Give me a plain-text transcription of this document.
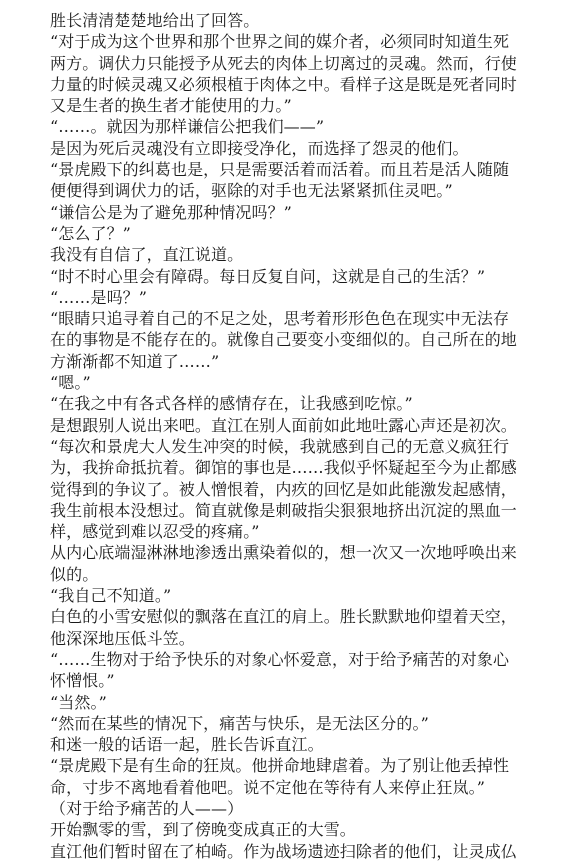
胜长清清楚楚地给出了回答。
“对于成为这个世界和那个世界之间的媒介者，必须同时知道生死
两方。调伏力只能授予从死去的肉体上切离过的灵魂。然而，行使
力量的时候灵魂又必须根植于肉体之中。看样子这是既是死者同时
又是生者的换生者才能使用的力。”
“……。就因为那样谦信公把我们——”
是因为死后灵魂没有立即接受净化，而选择了怨灵的他们。
“景虎殿下的纠葛也是，只是需要活着而活着。而且若是活人随随
便便得到调伏力的话，驱除的对手也无法紧紧抓住灵吧。”
“谦信公是为了避免那种情况吗？”
“怎么了？”
我没有自信了，直江说道。
“时不时心里会有障碍。每日反复自问，这就是自己的生活？”
“……是吗？”
“眼睛只追寻着自己的不足之处，思考着形形色色在现实中无法存
在的事物是不能存在的。就像自己要变小变细似的。自己所在的地
方渐渐都不知道了……”
“嗯。”
“在我之中有各式各样的感情存在，让我感到吃惊。”
是想跟别人说出来吧。直江在别人面前如此地吐露心声还是初次。
“每次和景虎大人发生冲突的时候，我就感到自己的无意义疯狂行
为，我拚命抵抗着。御馆的事也是……我似乎怀疑起至今为止都感
觉得到的争议了。被人憎恨着，内疚的回忆是如此能激发起感情，
我生前根本没想过。简直就像是刺破指尖狠狠地挤出沉淀的黑血一
样，感觉到难以忍受的疼痛。”
从内心底端湿淋淋地渗透出熏染着似的，想一次又一次地呼唤出来
似的。
“我自己不知道。”
白色的小雪安慰似的飘落在直江的肩上。胜长默默地仰望着天空，
他深深地压低斗笠。
“……生物对于给予快乐的对象心怀爱意，对于给予痛苦的对象心
怀憎恨。”
“当然。”
“然而在某些的情况下，痛苦与快乐，是无法区分的。”
和迷一般的话语一起，胜长告诉直江。
“景虎殿下是有生命的狂岚。他拼命地肆虐着。为了别让他丢掉性
命，寸步不离地看着他吧。说不定他在等待有人来停止狂岚。”
（对于给予痛苦的人——）
开始飘零的雪，到了傍晚变成真正的大雪。
直江他们暂时留在了柏崎。作为战场遗迹扫除者的他们，让灵成仏
